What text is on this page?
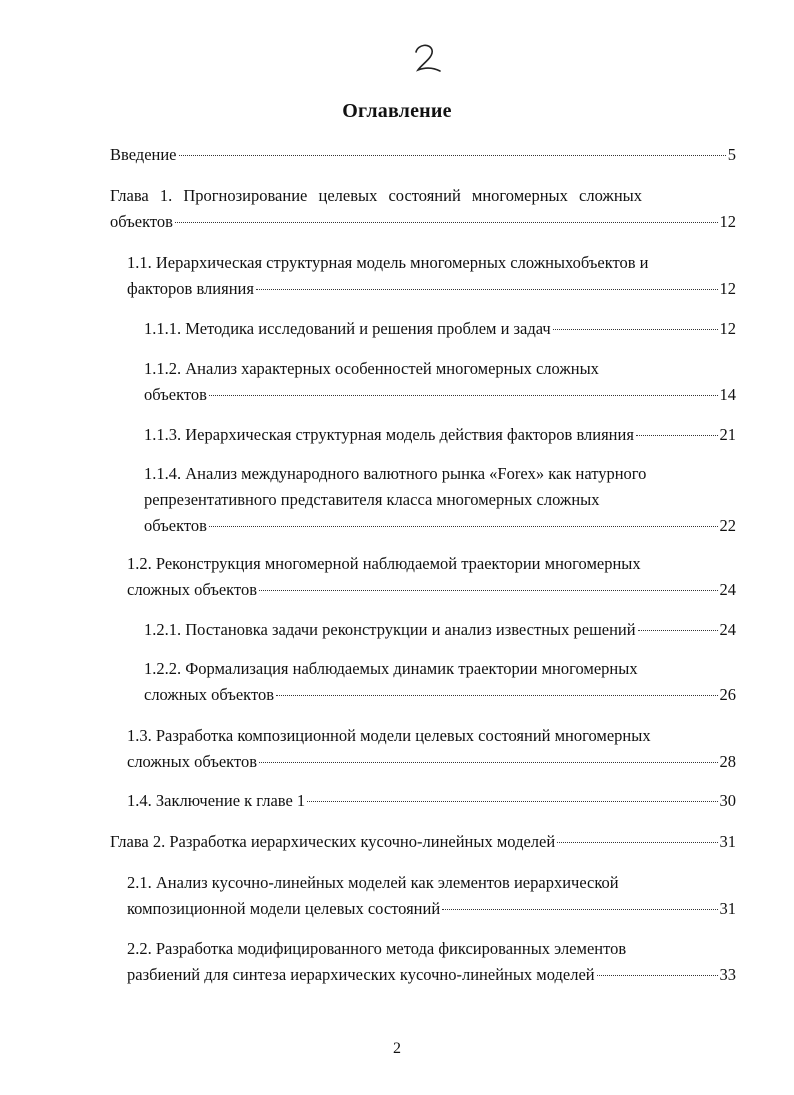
Оглавление
Введение	5
Глава 1. Прогнозирование целевых состояний многомерных сложных
объектов	12
1.1. Иерархическая структурная модель многомерных сложныхобъектов и
факторов влияния	12
1.1.1. Методика исследований и решения проблем и задач	12
1.1.2. Анализ характерных особенностей многомерных сложных
объектов	14
1.1.3. Иерархическая структурная модель действия факторов влияния	21
1.1.4. Анализ международного валютного рынка «Forex» как натурного
репрезентативного представителя класса многомерных сложных
объектов	22
1.2. Реконструкция многомерной наблюдаемой траектории многомерных
сложных объектов	24
1.2.1. Постановка задачи реконструкции и анализ известных решений	24
1.2.2. Формализация наблюдаемых динамик траектории многомерных
сложных объектов	26
1.3. Разработка композиционной модели целевых состояний многомерных
сложных объектов	28
1.4. Заключение к главе 1	30
Глава 2. Разработка иерархических кусочно-линейных моделей	31
2.1. Анализ кусочно-линейных моделей как элементов иерархической
композиционной модели целевых состояний	31
2.2. Разработка модифицированного метода фиксированных элементов
разбиений для синтеза иерархических кусочно-линейных моделей	33
2
